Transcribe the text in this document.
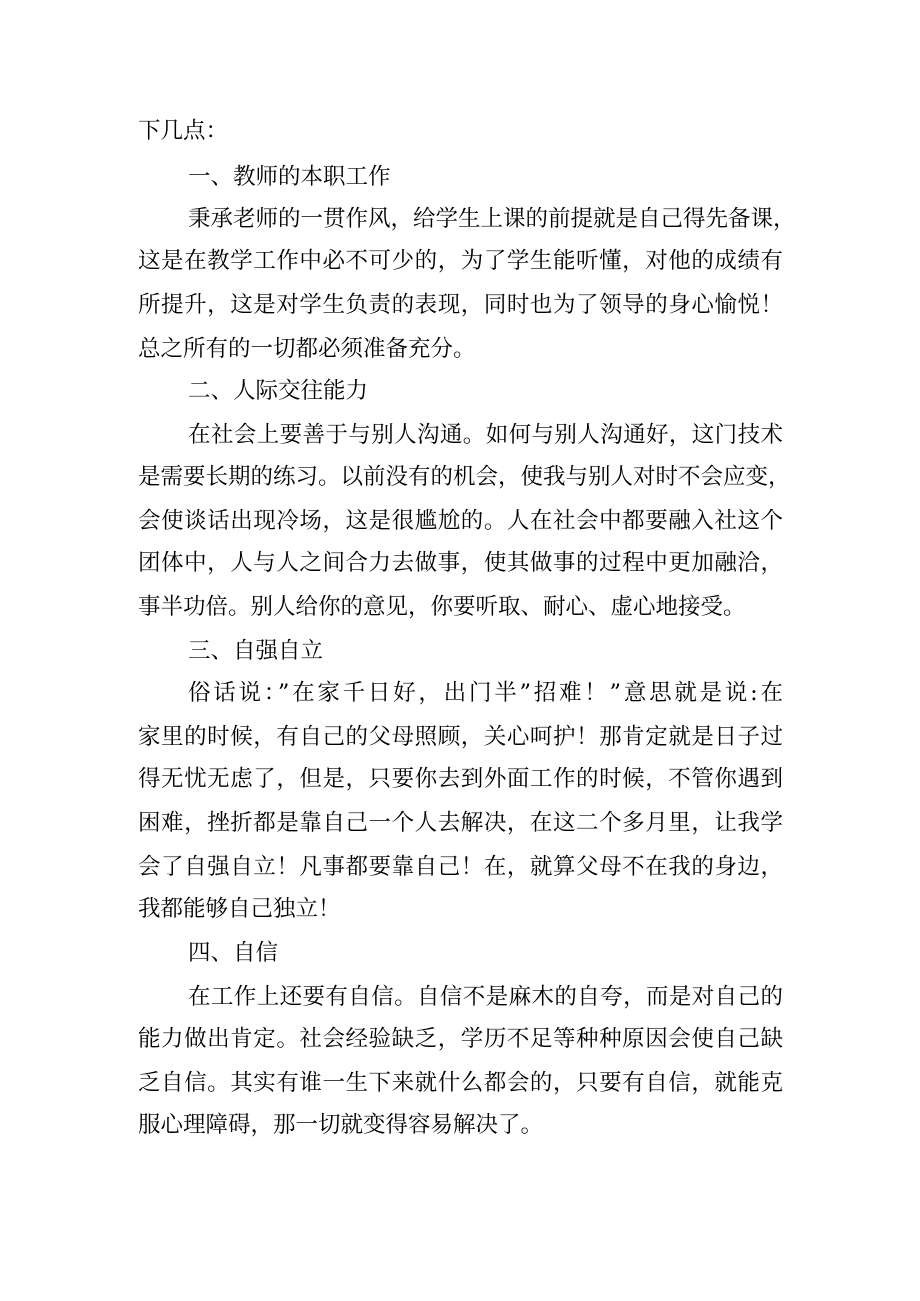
下几点：
一、教师的本职工作
秉承老师的一贯作风，给学生上课的前提就是自己得先备课，
这是在教学工作中必不可少的，为了学生能听懂，对他的成绩有
所提升，这是对学生负责的表现，同时也为了领导的身心愉悦！
总之所有的一切都必须准备充分。
二、人际交往能力
在社会上要善于与别人沟通。如何与别人沟通好，这门技术
是需要长期的练习。以前没有的机会，使我与别人对时不会应变，
会使谈话出现冷场，这是很尴尬的。人在社会中都要融入社这个
团体中，人与人之间合力去做事，使其做事的过程中更加融洽，
事半功倍。别人给你的意见，你要听取、耐心、虚心地接受。
三、自强自立
俗话说：”在家千日好，出门半”招难！”意思就是说:在
家里的时候，有自己的父母照顾，关心呵护！那肯定就是日子过
得无忧无虑了，但是，只要你去到外面工作的时候，不管你遇到
困难，挫折都是靠自己一个人去解决，在这二个多月里，让我学
会了自强自立！凡事都要靠自己！在，就算父母不在我的身边，
我都能够自己独立！
四、自信
在工作上还要有自信。自信不是麻木的自夸，而是对自己的
能力做出肯定。社会经验缺乏，学历不足等种种原因会使自己缺
乏自信。其实有谁一生下来就什么都会的，只要有自信，就能克
服心理障碍，那一切就变得容易解决了。
